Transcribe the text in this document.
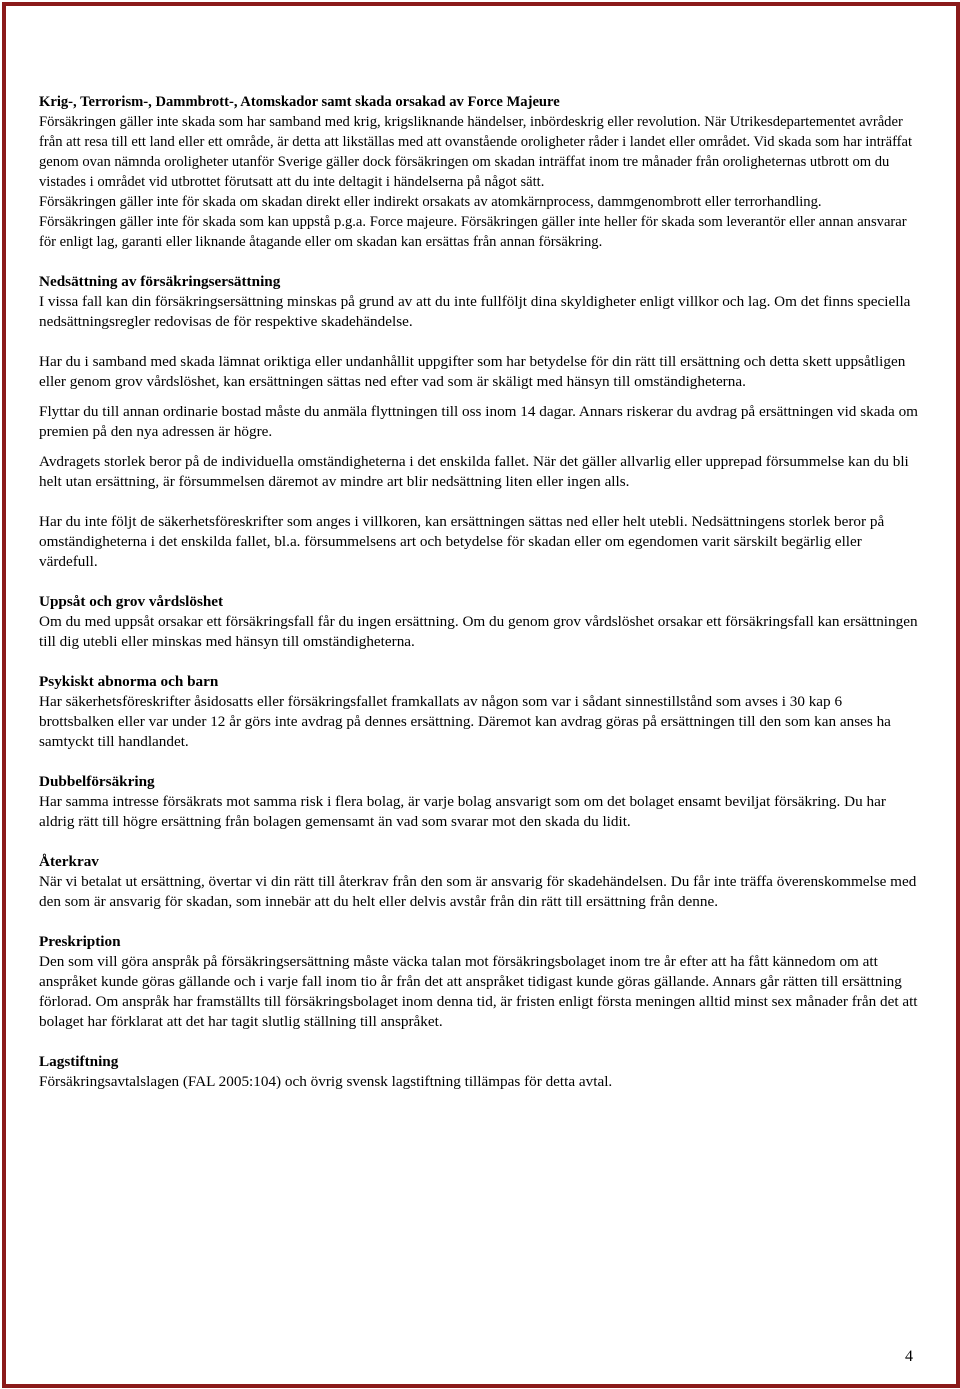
Krig-, Terrorism-, Dammbrott-, Atomskador samt skada orsakad av Force Majeure

Försäkringen gäller inte skada som har samband med krig, krigsliknande händelser, inbördeskrig eller revolution. När Utrikesdepartementet avråder från att resa till ett land eller ett område, är detta att likställas med att ovanstående oroligheter råder i landet eller området. Vid skada som har inträffat genom ovan nämnda oroligheter utanför Sverige gäller dock försäkringen om skadan inträffat inom tre månader från oroligheternas utbrott om du vistades i området vid utbrottet förutsatt att du inte deltagit i händelserna på något sätt.

Försäkringen gäller inte för skada om skadan direkt eller indirekt orsakats av atomkärnprocess, dammgenombrott eller terrorhandling.

Försäkringen gäller inte för skada som kan uppstå p.g.a. Force majeure. Försäkringen gäller inte heller för skada som leverantör eller annan ansvarar för enligt lag, garanti eller liknande åtagande eller om skadan kan ersättas från annan försäkring.

Nedsättning av försäkringsersättning

I vissa fall kan din försäkringsersättning minskas på grund av att du inte fullföljt dina skyldigheter enligt villkor och lag. Om det finns speciella nedsättningsregler redovisas de för respektive skadehändelse.

Har du i samband med skada lämnat oriktiga eller undanhållit uppgifter som har betydelse för din rätt till ersättning och detta skett uppsåtligen eller genom grov vårdslöshet, kan ersättningen sättas ned efter vad som är skäligt med hänsyn till omständigheterna.

Flyttar du till annan ordinarie bostad måste du anmäla flyttningen till oss inom 14 dagar. Annars riskerar du avdrag på ersättningen vid skada om premien på den nya adressen är högre.

Avdragets storlek beror på de individuella omständigheterna i det enskilda fallet. När det gäller allvarlig eller upprepad försummelse kan du bli helt utan ersättning, är försummelsen däremot av mindre art blir nedsättning liten eller ingen alls.

Har du inte följt de säkerhetsföreskrifter som anges i villkoren, kan ersättningen sättas ned eller helt utebli. Nedsättningens storlek beror på omständigheterna i det enskilda fallet, bl.a. försummelsens art och betydelse för skadan eller om egendomen varit särskilt begärlig eller värdefull.

Uppsåt och grov vårdslöshet

Om du med uppsåt orsakar ett försäkringsfall får du ingen ersättning. Om du genom grov vårdslöshet orsakar ett försäkringsfall kan ersättningen till dig utebli eller minskas med hänsyn till omständigheterna.

Psykiskt abnorma och barn

Har säkerhetsföreskrifter åsidosatts eller försäkringsfallet framkallats av någon som var i sådant sinnestillstånd som avses i 30 kap 6 brottsbalken eller var under 12 år görs inte avdrag på dennes ersättning. Däremot kan avdrag göras på ersättningen till den som kan anses ha samtyckt till handlandet.

Dubbelförsäkring

Har samma intresse försäkrats mot samma risk i flera bolag, är varje bolag ansvarigt som om det bolaget ensamt beviljat försäkring. Du har aldrig rätt till högre ersättning från bolagen gemensamt än vad som svarar mot den skada du lidit.

Återkrav

När vi betalat ut ersättning, övertar vi din rätt till återkrav från den som är ansvarig för skadehändelsen. Du får inte träffa överenskommelse med den som är ansvarig för skadan, som innebär att du helt eller delvis avstår från din rätt till ersättning från denne.

Preskription

Den som vill göra anspråk på försäkringsersättning måste väcka talan mot försäkringsbolaget inom tre år efter att ha fått kännedom om att anspråket kunde göras gällande och i varje fall inom tio år från det att anspråket tidigast kunde göras gällande. Annars går rätten till ersättning förlorad. Om anspråk har framställts till försäkringsbolaget inom denna tid, är fristen enligt första meningen alltid minst sex månader från det att bolaget har förklarat att det har tagit slutlig ställning till anspråket.

Lagstiftning

Försäkringsavtalslagen (FAL 2005:104) och övrig svensk lagstiftning tillämpas för detta avtal.

4
